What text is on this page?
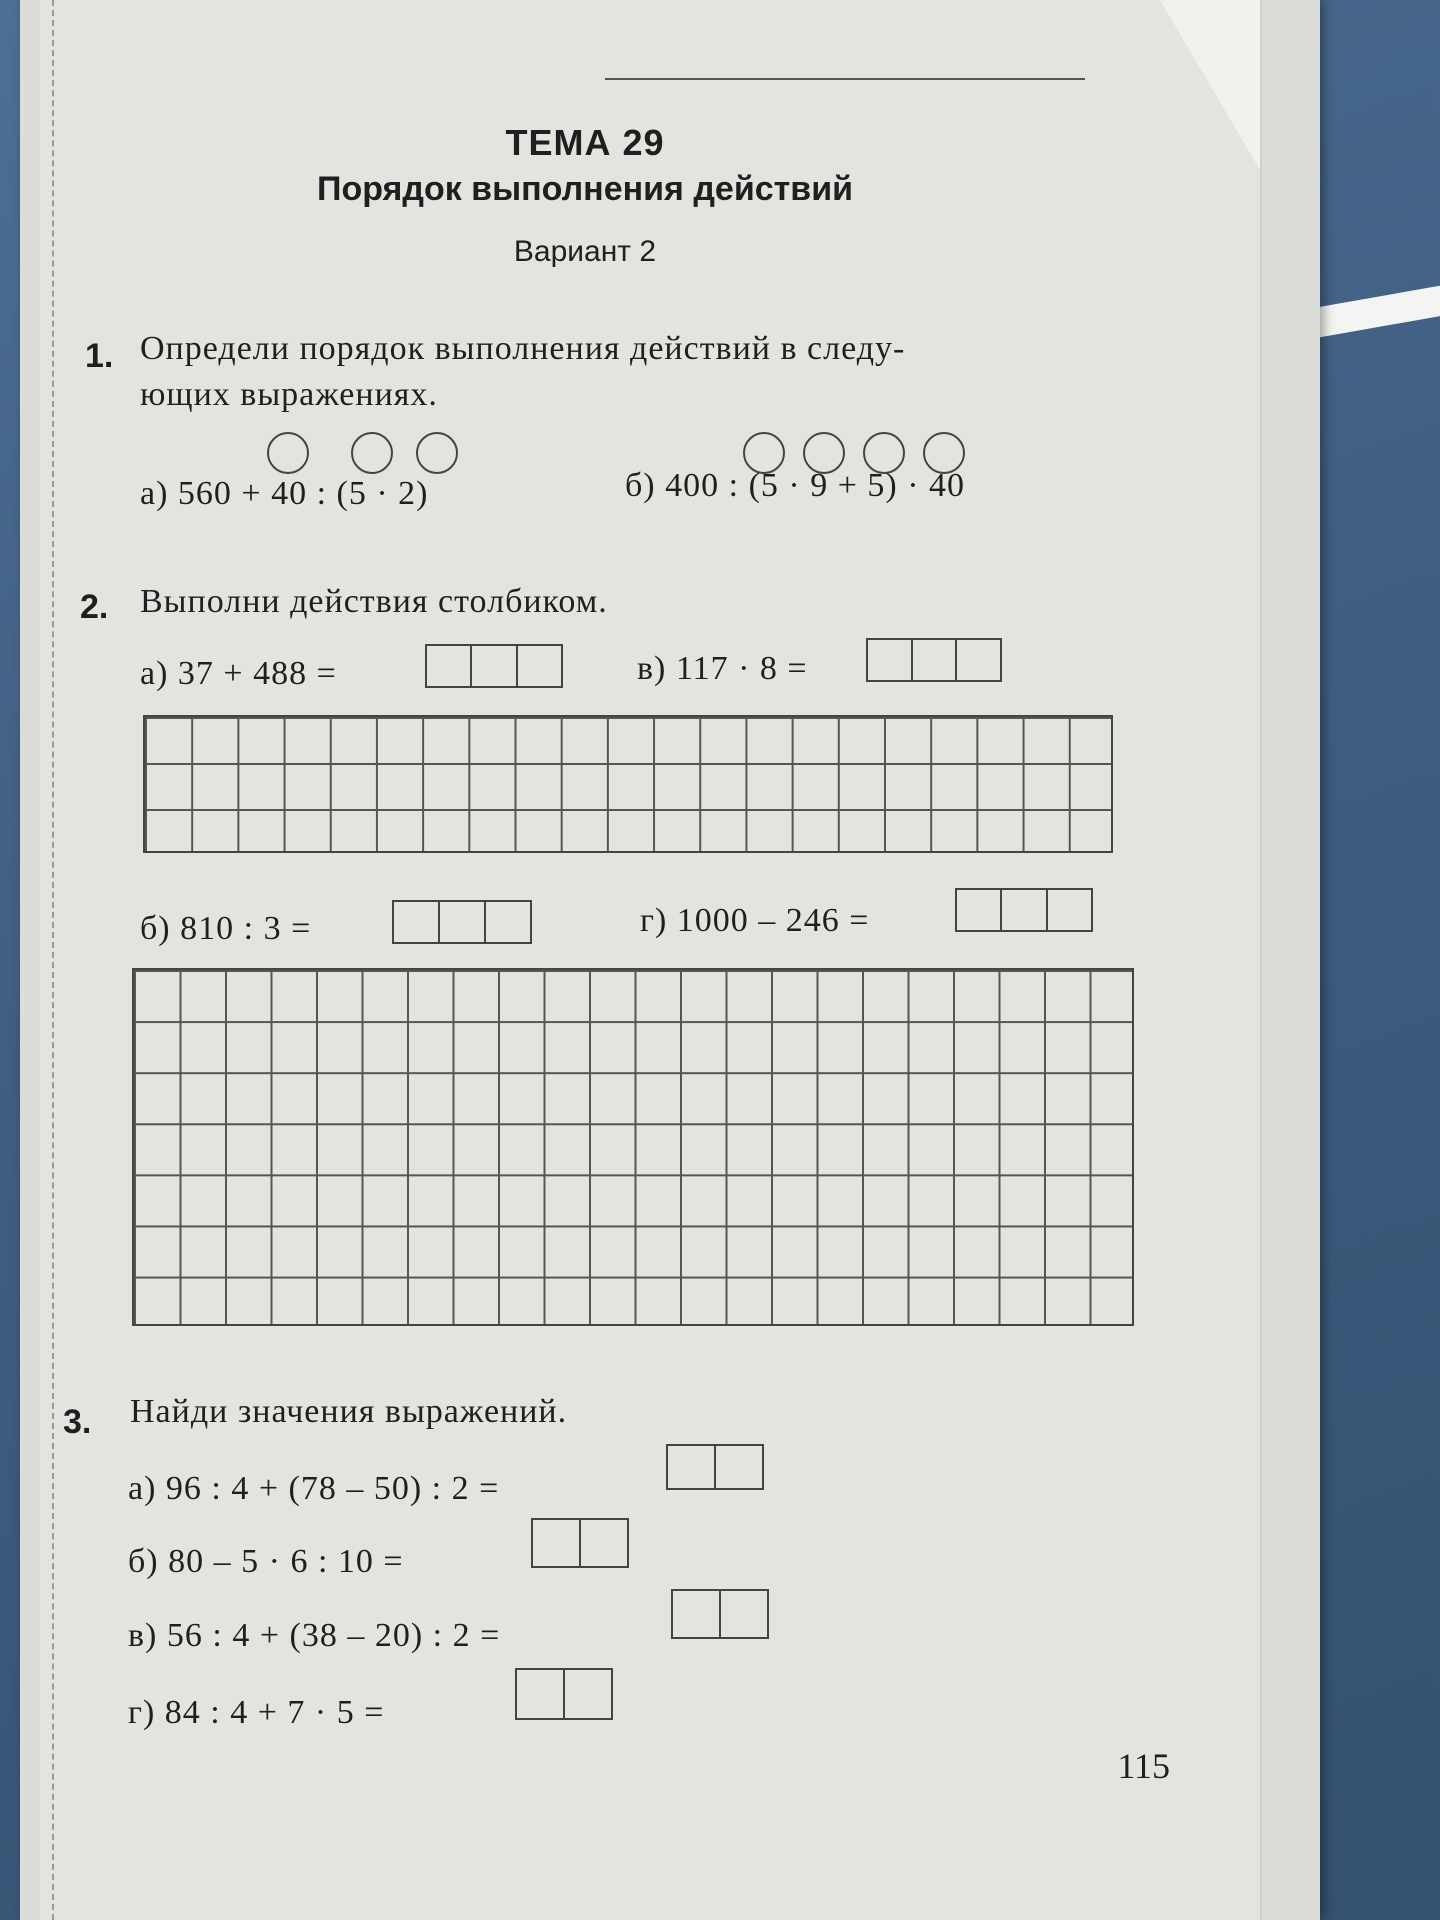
ТЕМА 29
Порядок выполнения действий
Вариант 2
1. Определи порядок выполнения действий в следу-
ющих выражениях.
а) 560 + 40 : (5 · 2)	б) 400 : (5 · 9 + 5) · 40
2. Выполни действия столбиком.
а) 37 + 488 =	в) 117 · 8 =
б) 810 : 3 =	г) 1000 – 246 =
3. Найди значения выражений.
а) 96 : 4 + (78 – 50) : 2 =
б) 80 – 5 · 6 : 10 =
в) 56 : 4 + (38 – 20) : 2 =
г) 84 : 4 + 7 · 5 =
115
